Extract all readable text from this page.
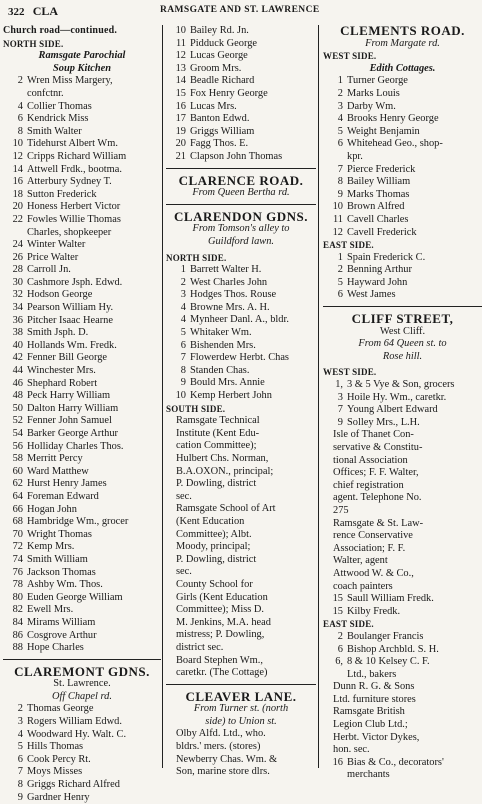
322 CLA	RAMSGATE AND ST. LAWRENCE
Church road—continued.
NORTH SIDE.
Ramsgate Parochial
Soup Kitchen
2 Wren Miss Margery,
confctnr.
4 Collier Thomas
6 Kendrick Miss
8 Smith Walter
10 Tidehurst Albert Wm.
12 Cripps Richard William
14 Attwell Frdk., bootma.
16 Atterbury Sydney T.
18 Sutton Frederick
20 Honess Herbert Victor
22 Fowles Willie Thomas
Charles, shopkeeper
24 Winter Walter
26 Price Walter
28 Carroll Jn.
30 Cashmore Jsph. Edwd.
32 Hodson George
34 Pearson William Hy.
36 Pitcher Isaac Hearne
38 Smith Jsph. D.
40 Hollands Wm. Fredk.
42 Fenner Bill George
44 Winchester Mrs.
46 Shephard Robert
48 Peck Harry William
50 Dalton Harry William
52 Fenner John Samuel
54 Barker George Arthur
56 Holliday Charles Thos.
58 Merritt Percy
60 Ward Matthew
62 Hurst Henry James
64 Foreman Edward
66 Hogan John
68 Hambridge Wm., grocer
70 Wright Thomas
72 Kemp Mrs.
74 Smith William
76 Jackson Thomas
78 Ashby Wm. Thos.
80 Euden George William
82 Ewell Mrs.
84 Mirams William
86 Cosgrove Arthur
88 Hope Charles
CLAREMONT GDNS.
St. Lawrence.
Off Chapel rd.
2 Thomas George
3 Rogers William Edwd.
4 Woodward Hy. Walt. C.
5 Hills Thomas
6 Cook Percy Rt.
7 Moys Misses
8 Griggs Richard Alfred
9 Gardner Henry
10 Bailey Rd. Jn.
11 Pidduck George
12 Lucas George
13 Groom Mrs.
14 Beadle Richard
15 Fox Henry George
16 Lucas Mrs.
17 Banton Edwd.
19 Griggs William
20 Fagg Thos. E.
21 Clapson John Thomas
CLARENCE ROAD.
From Queen Bertha rd.
CLARENDON GDNS.
From Tomson's alley to
Guildford lawn.
NORTH SIDE.
1 Barrett Walter H.
2 West Charles John
3 Hodges Thos. Rouse
4 Browne Mrs. A. H.
4 Mynheer Danl. A., bldr.
5 Whitaker Wm.
6 Bishenden Mrs.
7 Flowerdew Herbt. Chas
8 Standen Chas.
9 Bould Mrs. Annie
10 Kemp Herbert John
SOUTH SIDE.
Ramsgate Technical
Institute (Kent Edu-
cation Committee);
Hulbert Chs. Norman,
B.A.OXON., principal;
P. Dowling, district
sec.
Ramsgate School of Art
(Kent Education
Committee); Albt.
Moody, principal;
P. Dowling, district
sec.
County School for
Girls (Kent Education
Committee); Miss D.
M. Jenkins, M.A. head
mistress; P. Dowling,
district sec.
Board Stephen Wm.,
caretkr. (The Cottage)
CLEAVER LANE.
From Turner st. (north
side) to Union st.
Olby Alfd. Ltd., who.
bldrs.' mers. (stores)
Newberry Chas. Wm. &
Son, marine store dlrs.
CLEMENTS ROAD.
From Margate rd.
WEST SIDE.
Edith Cottages.
1 Turner George
2 Marks Louis
3 Darby Wm.
4 Brooks Henry George
5 Weight Benjamin
6 Whitehead Geo., shop-
kpr.
7 Pierce Frederick
8 Bailey William
9 Marks Thomas
10 Brown Alfred
11 Cavell Charles
12 Cavell Frederick
EAST SIDE.
1 Spain Frederick C.
2 Benning Arthur
5 Hayward John
6 West James
CLIFF STREET,
West Cliff.
From 64 Queen st. to
Rose hill.
WEST SIDE.
1, 3 & 5 Vye & Son, grocers
3 Hoile Hy. Wm., caretkr.
7 Young Albert Edward
9 Solley Mrs., L.H.
Isle of Thanet Con-
servative & Constitu-
tional Association
Offices; F. F. Walter,
chief registration
agent. Telephone No.
275
Ramsgate & St. Law-
rence Conservative
Association; F. F.
Walter, agent
Attwood W. & Co.,
coach painters
15 Saull William Fredk.
15 Kilby Fredk.
EAST SIDE.
2 Boulanger Francis
6 Bishop Archbld. S. H.
6, 8 & 10 Kelsey C. F.
Ltd., bakers
Dunn R. G. & Sons
Ltd. furniture stores
Ramsgate British
Legion Club Ltd.;
Herbt. Victor Dykes,
hon. sec.
16 Bias & Co., decorators'
merchants
